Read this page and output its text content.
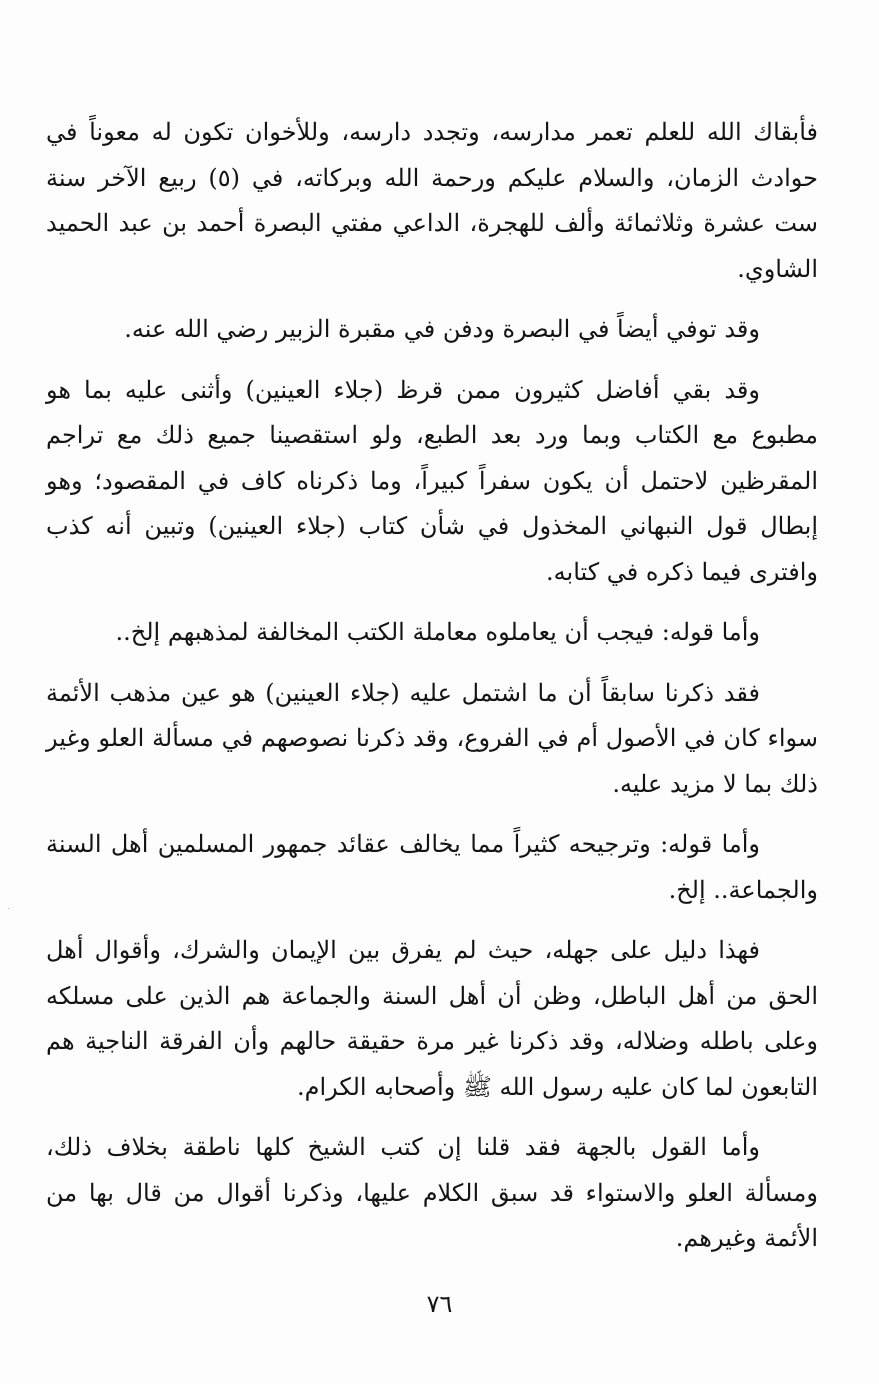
فأبقاك الله للعلم تعمر مدارسه، وتجدد دارسه، وللأخوان تكون له معوناً في حوادث الزمان، والسلام عليكم ورحمة الله وبركاته، في (٥) ربيع الآخر سنة ست عشرة وثلاثمائة وألف للهجرة، الداعي مفتي البصرة أحمد بن عبد الحميد الشاوي.

وقد توفي أيضاً في البصرة ودفن في مقبرة الزبير رضي الله عنه.

وقد بقي أفاضل كثيرون ممن قرظ (جلاء العينين) وأثنى عليه بما هو مطبوع مع الكتاب وبما ورد بعد الطبع، ولو استقصينا جميع ذلك مع تراجم المقرظين لاحتمل أن يكون سفراً كبيراً، وما ذكرناه كاف في المقصود؛ وهو إبطال قول النبهاني المخذول في شأن كتاب (جلاء العينين) وتبين أنه كذب وافترى فيما ذكره في كتابه.

وأما قوله: فيجب أن يعاملوه معاملة الكتب المخالفة لمذهبهم إلخ..

فقد ذكرنا سابقاً أن ما اشتمل عليه (جلاء العينين) هو عين مذهب الأئمة سواء كان في الأصول أم في الفروع، وقد ذكرنا نصوصهم في مسألة العلو وغير ذلك بما لا مزيد عليه.

وأما قوله: وترجيحه كثيراً مما يخالف عقائد جمهور المسلمين أهل السنة والجماعة.. إلخ.

فهذا دليل على جهله، حيث لم يفرق بين الإيمان والشرك، وأقوال أهل الحق من أهل الباطل، وظن أن أهل السنة والجماعة هم الذين على مسلكه وعلى باطله وضلاله، وقد ذكرنا غير مرة حقيقة حالهم وأن الفرقة الناجية هم التابعون لما كان عليه رسول الله ﷺ وأصحابه الكرام.

وأما القول بالجهة فقد قلنا إن كتب الشيخ كلها ناطقة بخلاف ذلك، ومسألة العلو والاستواء قد سبق الكلام عليها، وذكرنا أقوال من قال بها من الأئمة وغيرهم.

٧٦
